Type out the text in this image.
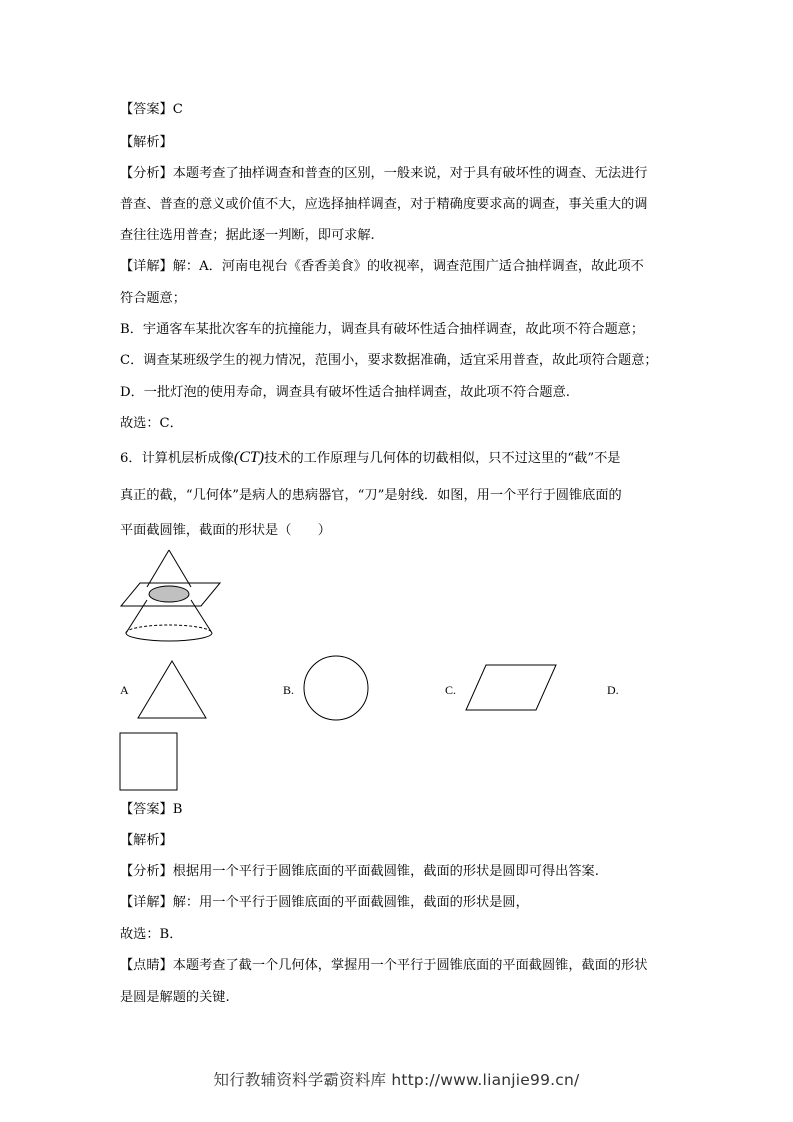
【答案】C
【解析】
【分析】本题考查了抽样调查和普查的区别，一般来说，对于具有破坏性的调查、无法进行
普查、普查的意义或价值不大，应选择抽样调查，对于精确度要求高的调查，事关重大的调
查往往选用普查；据此逐一判断，即可求解.
【详解】解：A．河南电视台《香香美食》的收视率，调查范围广适合抽样调查，故此项不
符合题意；
B．宇通客车某批次客车的抗撞能力，调查具有破坏性适合抽样调查，故此项不符合题意；
C．调查某班级学生的视力情况，范围小，要求数据准确，适宜采用普查，故此项符合题意；
D．一批灯泡的使用寿命，调查具有破坏性适合抽样调查，故此项不符合题意.
故选：C．
6．计算机层析成像(CT)技术的工作原理与几何体的切截相似，只不过这里的“截”不是
真正的截，“几何体”是病人的患病器官，“刀”是射线．如图，用一个平行于圆锥底面的
平面截圆锥，截面的形状是（　　）
A	B.	C.	D.
【答案】B
【解析】
【分析】根据用一个平行于圆锥底面的平面截圆锥，截面的形状是圆即可得出答案.
【详解】解：用一个平行于圆锥底面的平面截圆锥，截面的形状是圆，
故选：B．
【点睛】本题考查了截一个几何体，掌握用一个平行于圆锥底面的平面截圆锥，截面的形状
是圆是解题的关键.
知行教辅资料学霸资料库 http://www.lianjie99.cn/
